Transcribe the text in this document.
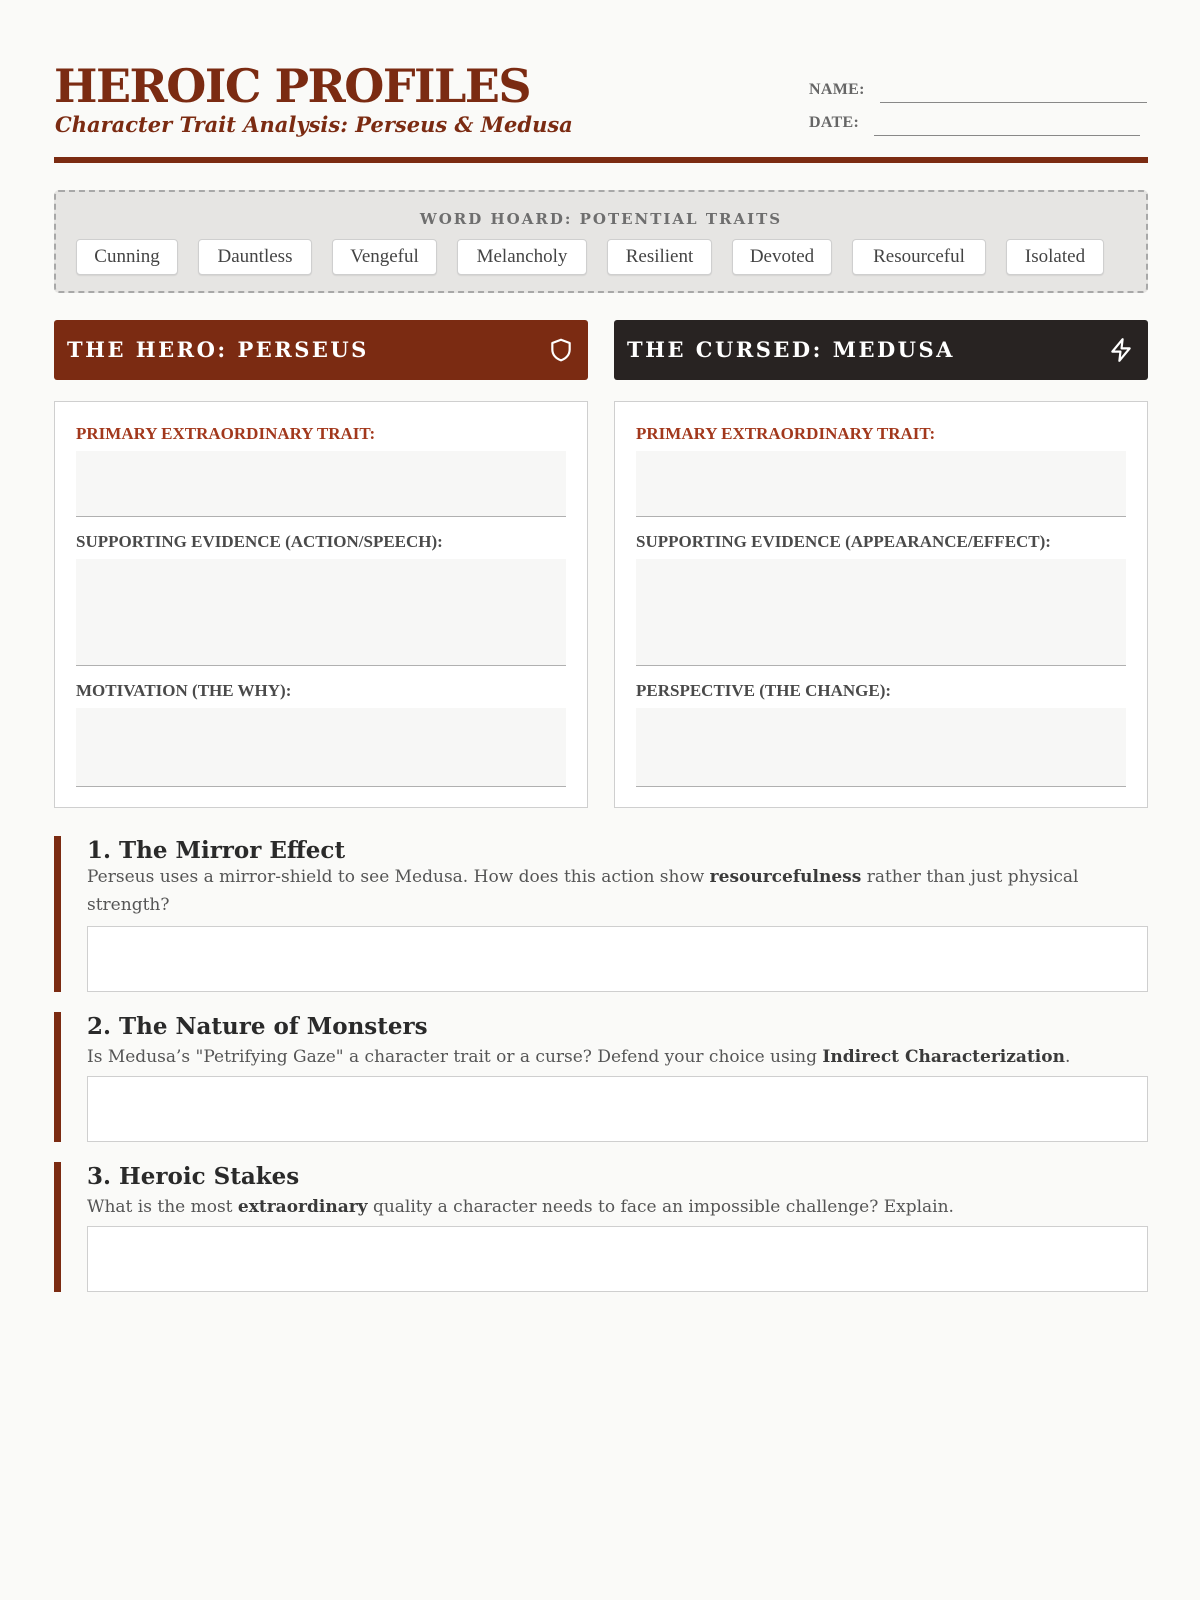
HEROIC PROFILES
Character Trait Analysis: Perseus & Medusa
NAME:
DATE:
WORD HOARD: POTENTIAL TRAITS
Cunning	Dauntless	Vengeful	Melancholy	Resilient	Devoted	Resourceful	Isolated
THE HERO: PERSEUS
PRIMARY EXTRAORDINARY TRAIT:
SUPPORTING EVIDENCE (ACTION/SPEECH):
MOTIVATION (THE WHY):
THE CURSED: MEDUSA
PRIMARY EXTRAORDINARY TRAIT:
SUPPORTING EVIDENCE (APPEARANCE/EFFECT):
PERSPECTIVE (THE CHANGE):
1. The Mirror Effect
Perseus uses a mirror-shield to see Medusa. How does this action show resourcefulness rather than just physical strength?
2. The Nature of Monsters
Is Medusa’s "Petrifying Gaze" a character trait or a curse? Defend your choice using Indirect Characterization.
3. Heroic Stakes
What is the most extraordinary quality a character needs to face an impossible challenge? Explain.
